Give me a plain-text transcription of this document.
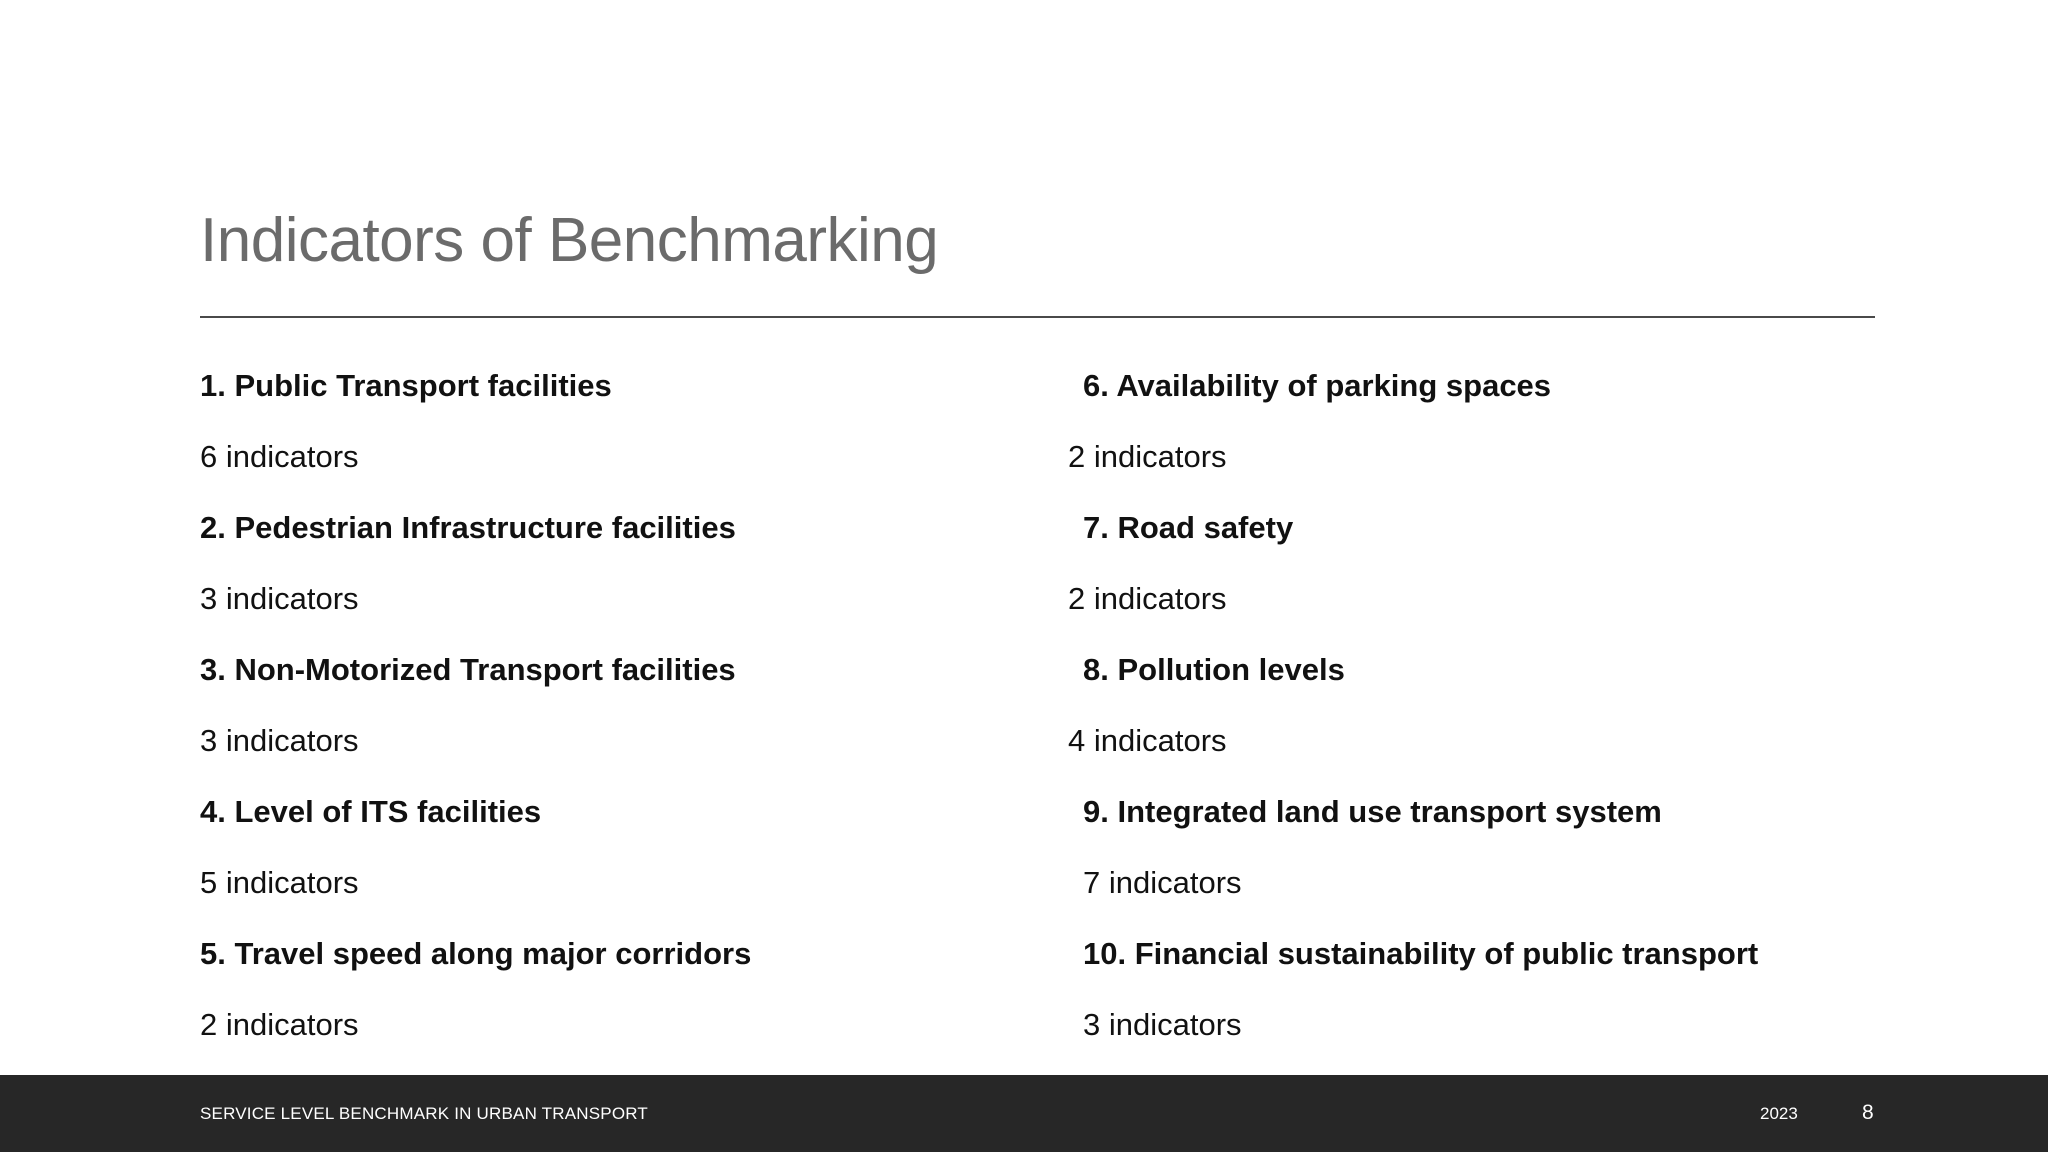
Indicators of Benchmarking
1. Public Transport facilities
6 indicators
2. Pedestrian Infrastructure facilities
3 indicators
3. Non-Motorized Transport facilities
3 indicators
4. Level of ITS facilities
5 indicators
5. Travel speed along major corridors
2 indicators
6. Availability of parking spaces
2 indicators
7. Road safety
2 indicators
8. Pollution levels
4 indicators
9. Integrated land use transport system
7 indicators
10. Financial sustainability of public transport
3 indicators
SERVICE LEVEL BENCHMARK IN URBAN TRANSPORT	2023	8
